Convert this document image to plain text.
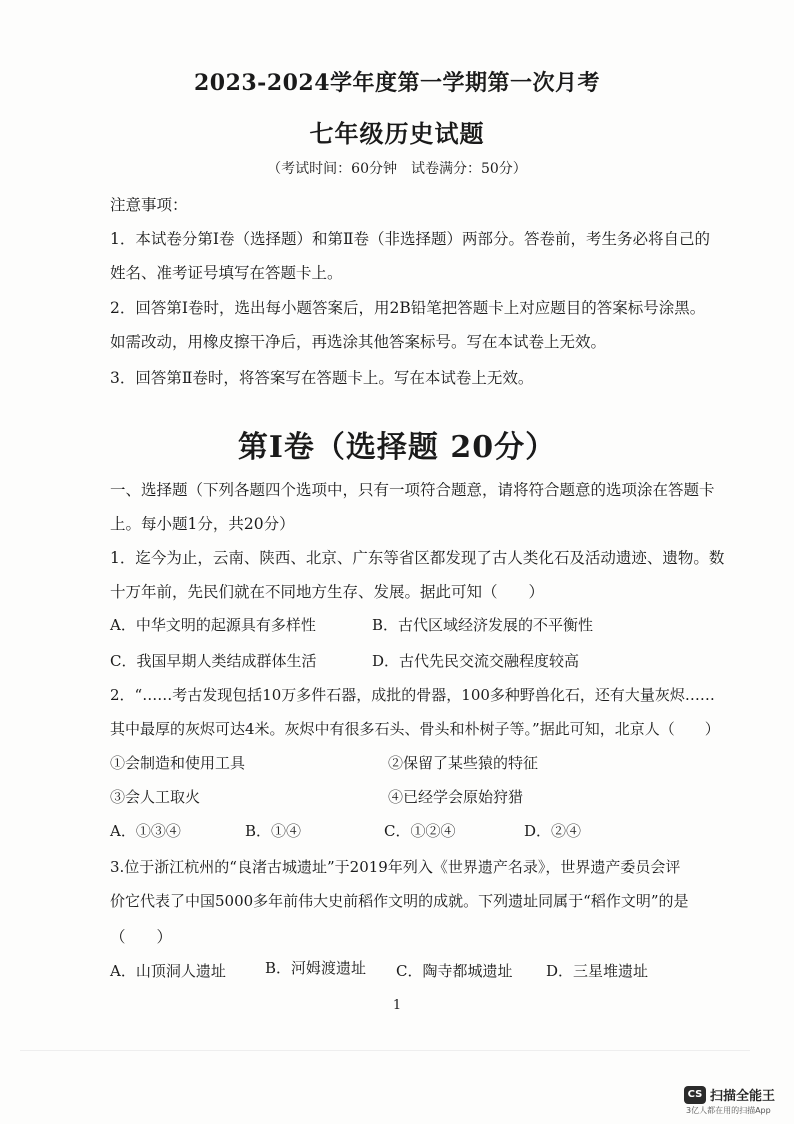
2023-2024学年度第一学期第一次月考
七年级历史试题
（考试时间：60分钟　试卷满分：50分）
注意事项：
1．本试卷分第Ⅰ卷（选择题）和第Ⅱ卷（非选择题）两部分。答卷前，考生务必将自己的
姓名、准考证号填写在答题卡上。
2．回答第Ⅰ卷时，选出每小题答案后，用2B铅笔把答题卡上对应题目的答案标号涂黑。
如需改动，用橡皮擦干净后，再选涂其他答案标号。写在本试卷上无效。
3．回答第Ⅱ卷时，将答案写在答题卡上。写在本试卷上无效。
第Ⅰ卷（选择题 20分）
一、选择题（下列各题四个选项中，只有一项符合题意，请将符合题意的选项涂在答题卡
上。每小题1分，共20分）
1．迄今为止，云南、陕西、北京、广东等省区都发现了古人类化石及活动遗迹、遗物。数
十万年前，先民们就在不同地方生存、发展。据此可知（　　）
A．中华文明的起源具有多样性	B．古代区域经济发展的不平衡性
C．我国早期人类结成群体生活	D．古代先民交流交融程度较高
2．“……考古发现包括10万多件石器，成批的骨器，100多种野兽化石，还有大量灰烬……
其中最厚的灰烬可达4米。灰烬中有很多石头、骨头和朴树子等。”据此可知，北京人（　　）
①会制造和使用工具	②保留了某些猿的特征
③会人工取火	④已经学会原始狩猎
A．①③④	B．①④	C．①②④	D．②④
3.位于浙江杭州的“良渚古城遗址”于2019年列入《世界遗产名录》，世界遗产委员会评
价它代表了中国5000多年前伟大史前稻作文明的成就。下列遗址同属于“稻作文明”的是
（　　）
A．山顶洞人遗址	B．河姆渡遗址 C．陶寺都城遗址 D．三星堆遗址
1
CS 扫描全能王
3亿人都在用的扫描App
